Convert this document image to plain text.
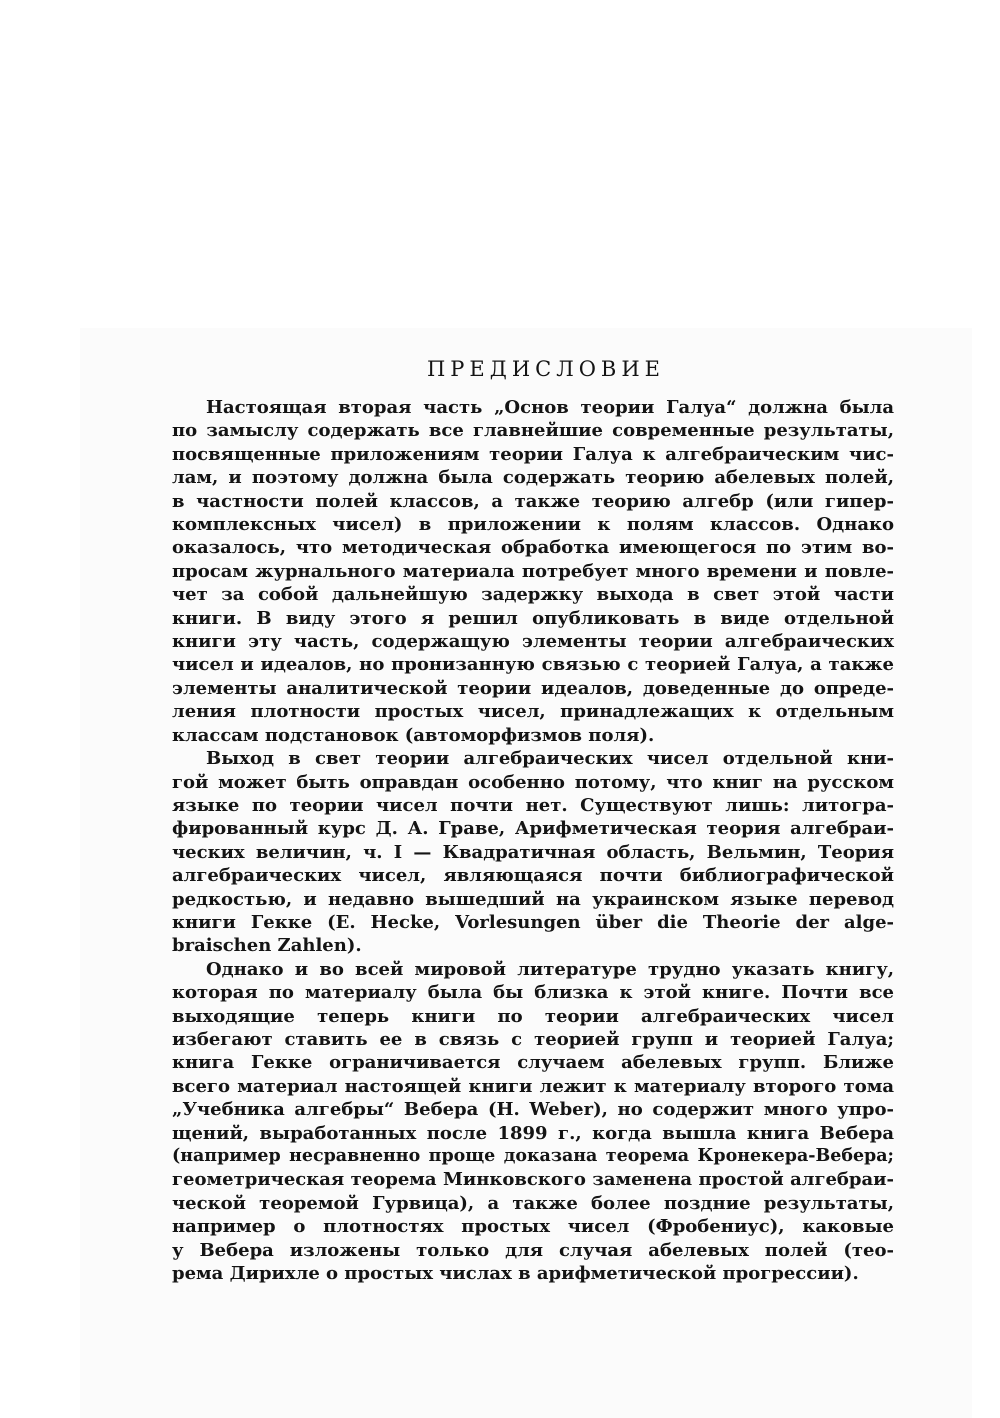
ПРЕДИСЛОВИЕ
Настоящая вторая часть „Основ теории Галуа“ должна была
по замыслу содержать все главнейшие современные результаты,
посвященные приложениям теории Галуа к алгебраическим чис-
лам, и поэтому должна была содержать теорию абелевых полей,
в частности полей классов, а также теорию алгебр (или гипер-
комплексных чисел) в приложении к полям классов. Однако
оказалось, что методическая обработка имеющегося по этим во-
просам журнального материала потребует много времени и повле-
чет за собой дальнейшую задержку выхода в свет этой части
книги. В виду этого я решил опубликовать в виде отдельной
книги эту часть, содержащую элементы теории алгебраических
чисел и идеалов, но пронизанную связью с теорией Галуа, а также
элементы аналитической теории идеалов, доведенные до опреде-
ления плотности простых чисел, принадлежащих к отдельным
классам подстановок (автоморфизмов поля).
Выход в свет теории алгебраических чисел отдельной кни-
гой может быть оправдан особенно потому, что книг на русском
языке по теории чисел почти нет. Существуют лишь: литогра-
фированный курс Д. А. Граве, Арифметическая теория алгебраи-
ческих величин, ч. I — Квадратичная область, Вельмин, Теория
алгебраических чисел, являющаяся почти библиографической
редкостью, и недавно вышедший на украинском языке перевод
книги Гекке (E. Hecke, Vorlesungen über die Theorie der alge-
braischen Zahlen).
Однако и во всей мировой литературе трудно указать книгу,
которая по материалу была бы близка к этой книге. Почти все
выходящие теперь книги по теории алгебраических чисел
избегают ставить ее в связь с теорией групп и теорией Галуа;
книга Гекке ограничивается случаем абелевых групп. Ближе
всего материал настоящей книги лежит к материалу второго тома
„Учебника алгебры“ Вебера (H. Weber), но содержит много упро-
щений, выработанных после 1899 г., когда вышла книга Вебера
(например несравненно проще доказана теорема Кронекера-Вебера;
геометрическая теорема Минковского заменена простой алгебраи-
ческой теоремой Гурвица), а также более поздние результаты,
например о плотностях простых чисел (Фробениус), каковые
у Вебера изложены только для случая абелевых полей (тео-
рема Дирихле о простых числах в арифметической прогрессии).
